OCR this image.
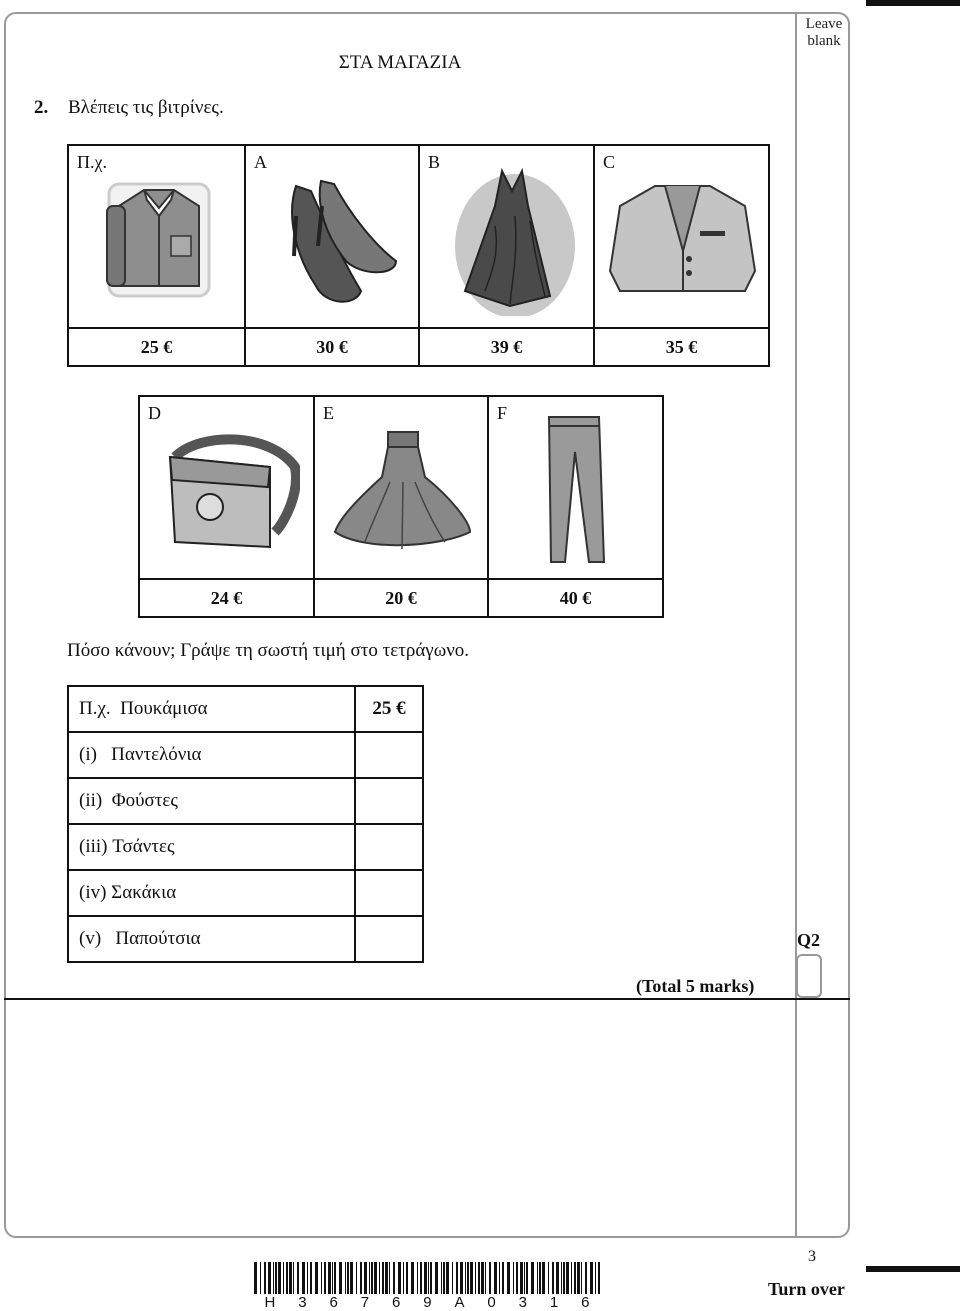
Leave
blank
ΣΤΑ ΜΑΓΑΖΙΑ
2. Βλέπεις τις βιτρίνες.
Π.χ.	A	B	C

25 €	30 €	39 €	35 €
D	E	F

24 €	20 €	40 €
Πόσο κάνουν; Γράψε τη σωστή τιμή στο τετράγωνο.
Π.χ.  Πουκάμισα	25 €
(i)   Παντελόνια	
(ii)  Φούστες	
(iii) Τσάντες	
(iv) Σακάκια	
(v)   Παπούτσια		Q2
(Total 5 marks)
3
Turn over
H 3 6 7 6 9 A 0 3 1 6
